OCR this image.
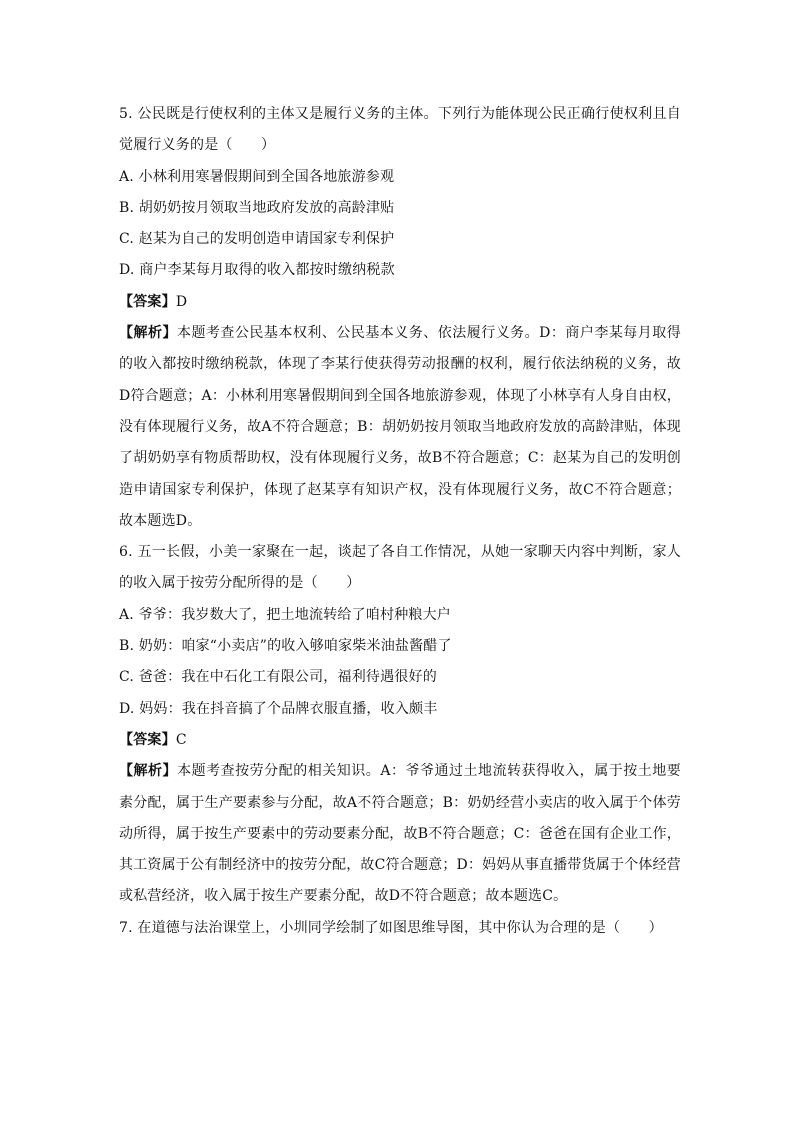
5. 公民既是行使权利的主体又是履行义务的主体。下列行为能体现公民正确行使权利且自觉履行义务的是（　　）

A. 小林利用寒暑假期间到全国各地旅游参观

B. 胡奶奶按月领取当地政府发放的高龄津贴

C. 赵某为自己的发明创造申请国家专利保护

D. 商户李某每月取得的收入都按时缴纳税款

【答案】D

【解析】本题考查公民基本权利、公民基本义务、依法履行义务。D：商户李某每月取得的收入都按时缴纳税款，体现了李某行使获得劳动报酬的权利，履行依法纳税的义务，故D符合题意；A：小林利用寒暑假期间到全国各地旅游参观，体现了小林享有人身自由权，没有体现履行义务，故A不符合题意；B：胡奶奶按月领取当地政府发放的高龄津贴，体现了胡奶奶享有物质帮助权，没有体现履行义务，故B不符合题意；C：赵某为自己的发明创造申请国家专利保护，体现了赵某享有知识产权，没有体现履行义务，故C不符合题意；故本题选D。

6. 五一长假，小美一家聚在一起，谈起了各自工作情况，从她一家聊天内容中判断，家人的收入属于按劳分配所得的是（　　）

A. 爷爷：我岁数大了，把土地流转给了咱村种粮大户

B. 奶奶：咱家“小卖店”的收入够咱家柴米油盐酱醋了

C. 爸爸：我在中石化工有限公司，福利待遇很好的

D. 妈妈：我在抖音搞了个品牌衣服直播，收入颇丰

【答案】C

【解析】本题考查按劳分配的相关知识。A：爷爷通过土地流转获得收入，属于按土地要素分配，属于生产要素参与分配，故A不符合题意；B：奶奶经营小卖店的收入属于个体劳动所得，属于按生产要素中的劳动要素分配，故B不符合题意；C：爸爸在国有企业工作，其工资属于公有制经济中的按劳分配，故C符合题意；D：妈妈从事直播带货属于个体经营或私营经济，收入属于按生产要素分配，故D不符合题意；故本题选C。

7. 在道德与法治课堂上，小圳同学绘制了如图思维导图，其中你认为合理的是（　　）
